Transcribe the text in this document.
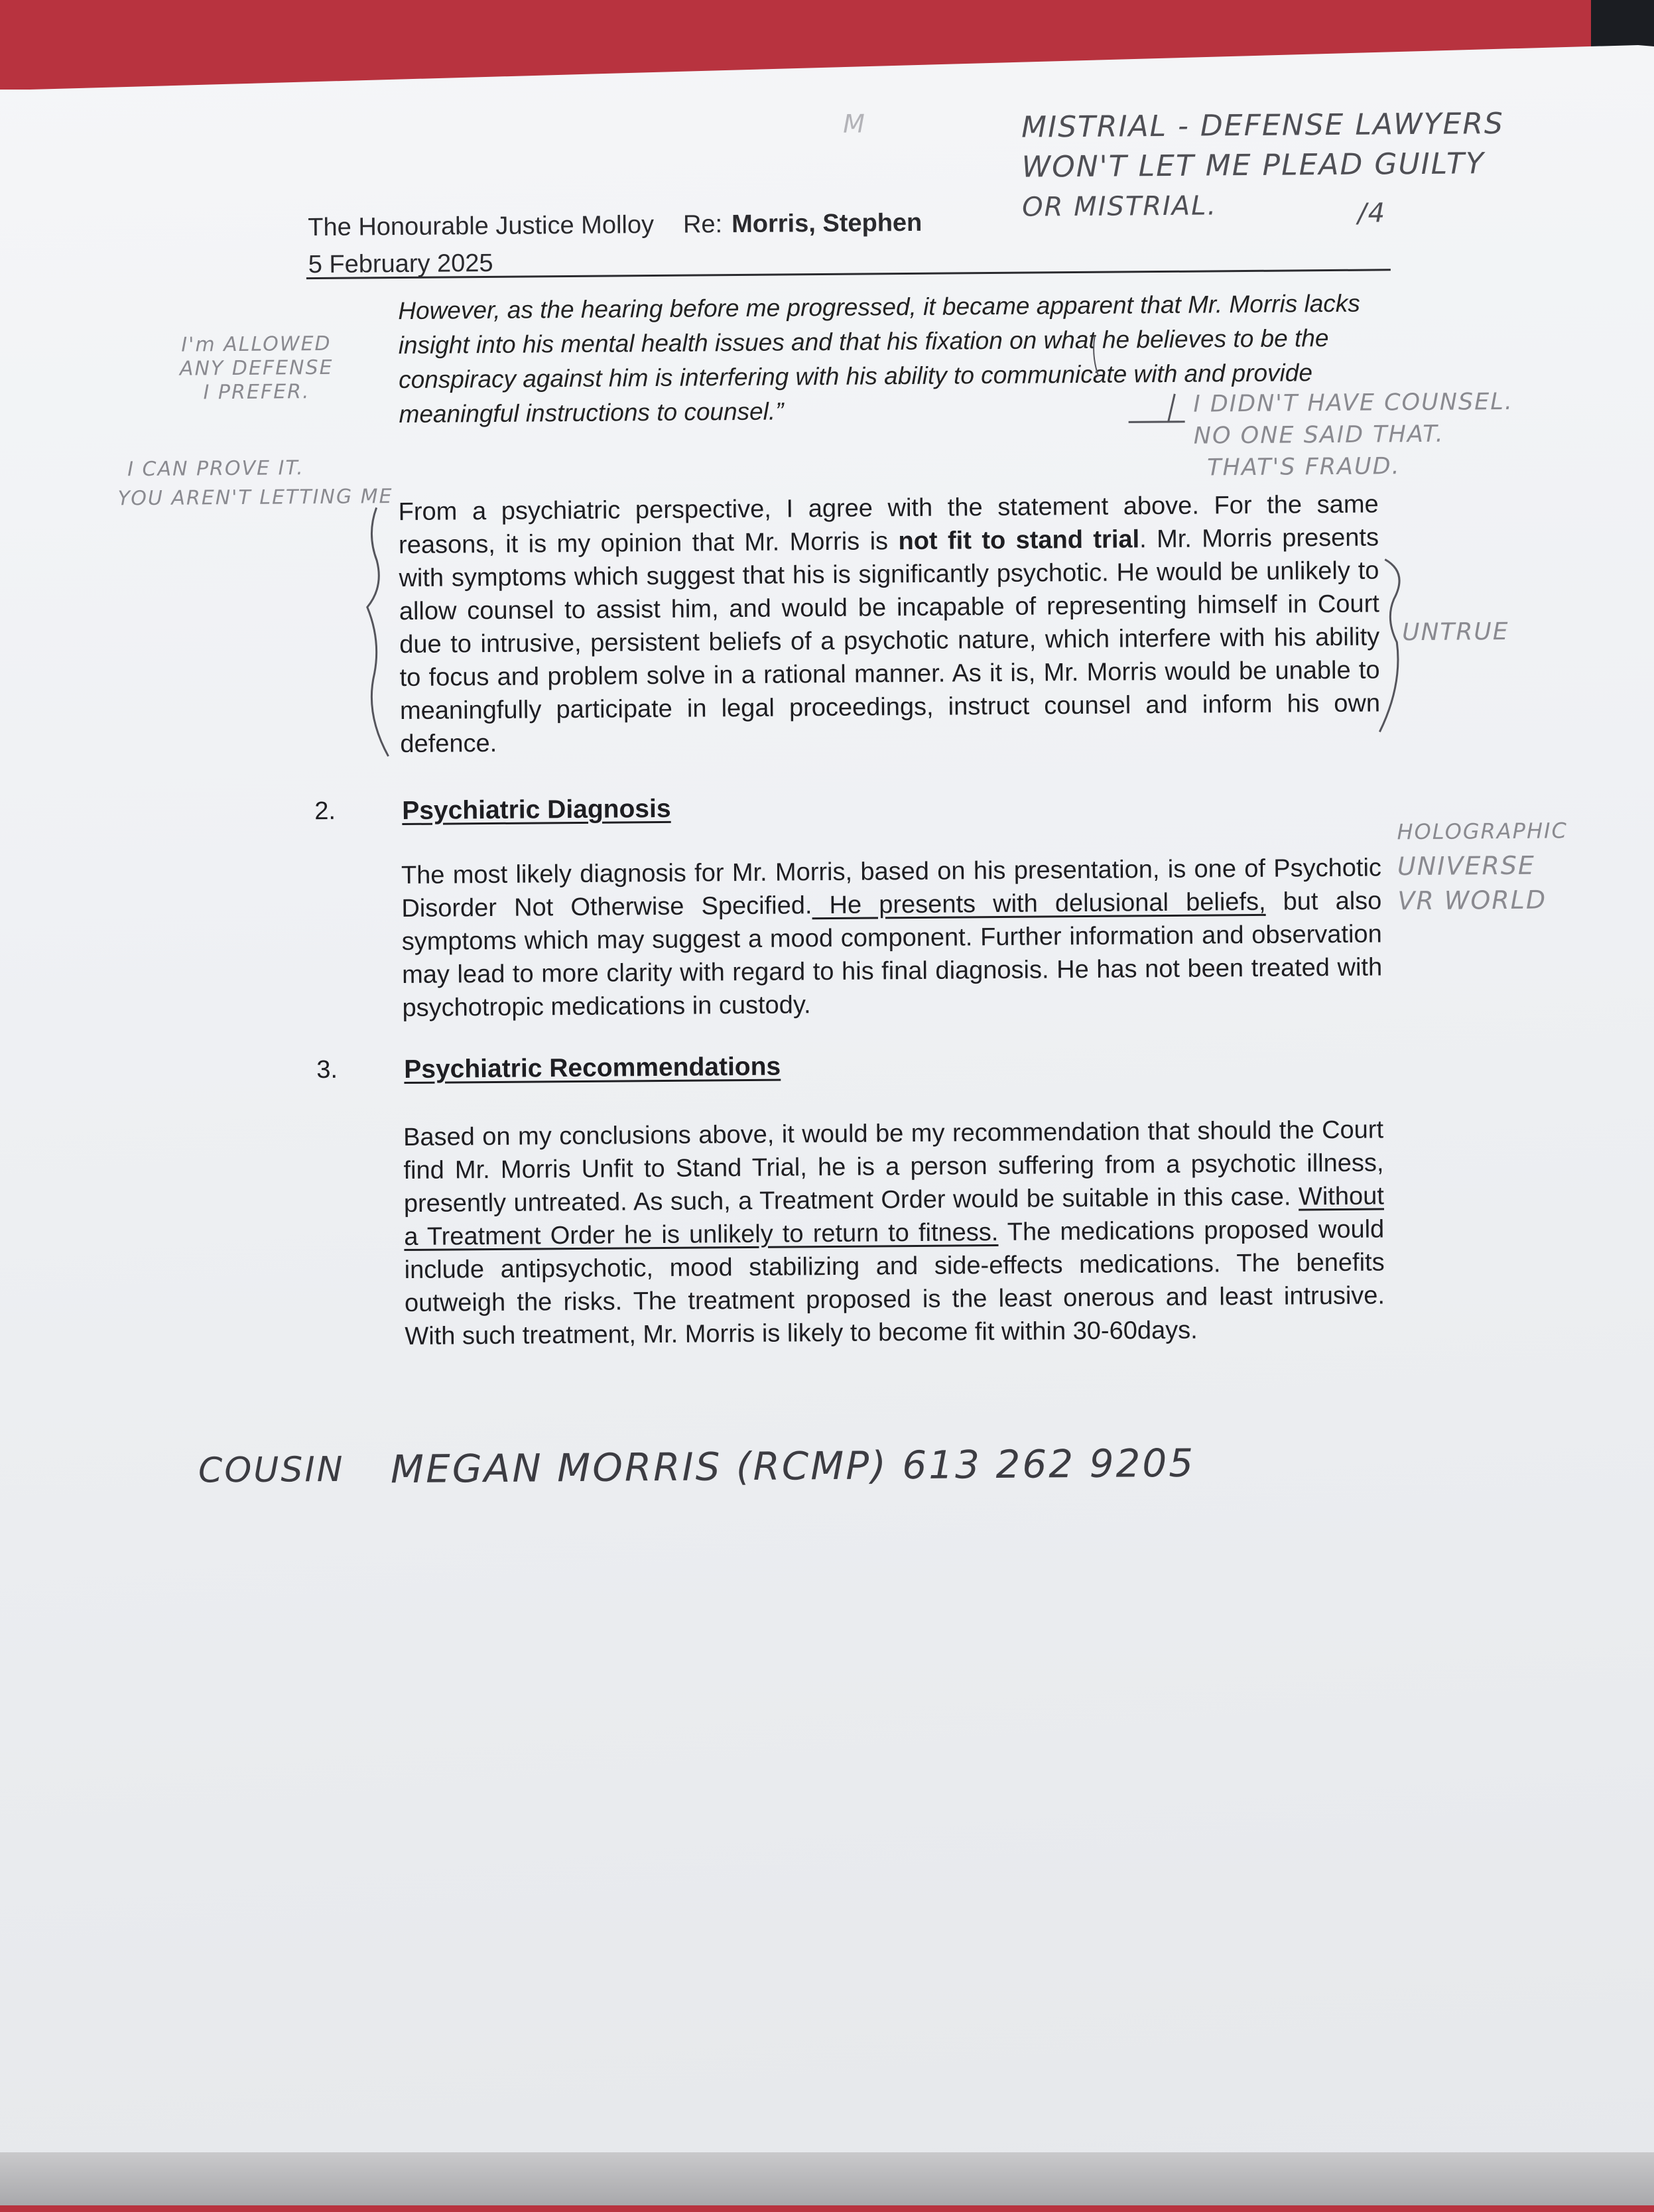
The Honourable Justice Molloy Re: Morris, Stephen
5 February 2025
/4
However, as the hearing before me progressed, it became apparent that Mr. Morris lacks insight into his mental health issues and that his fixation on what he believes to be the conspiracy against him is interfering with his ability to communicate with and provide meaningful instructions to counsel.”
From a psychiatric perspective, I agree with the statement above. For the same reasons, it is my opinion that Mr. Morris is not fit to stand trial. Mr. Morris presents with symptoms which suggest that his is significantly psychotic. He would be unlikely to allow counsel to assist him, and would be incapable of representing himself in Court due to intrusive, persistent beliefs of a psychotic nature, which interfere with his ability to focus and problem solve in a rational manner. As it is, Mr. Morris would be unable to meaningfully participate in legal proceedings, instruct counsel and inform his own defence.
2.	Psychiatric Diagnosis
The most likely diagnosis for Mr. Morris, based on his presentation, is one of Psychotic Disorder Not Otherwise Specified. He presents with delusional beliefs, but also symptoms which may suggest a mood component. Further information and observation may lead to more clarity with regard to his final diagnosis. He has not been treated with psychotropic medications in custody.
3.	Psychiatric Recommendations
Based on my conclusions above, it would be my recommendation that should the Court find Mr. Morris Unfit to Stand Trial, he is a person suffering from a psychotic illness, presently untreated. As such, a Treatment Order would be suitable in this case. Without a Treatment Order he is unlikely to return to fitness. The medications proposed would include antipsychotic, mood stabilizing and side-effects medications. The benefits outweigh the risks. The treatment proposed is the least onerous and least intrusive. With such treatment, Mr. Morris is likely to become fit within 30-60days.
M	MISTRIAL - DEFENSE LAWYERS
WON'T LET ME PLEAD GUILTY
OR MISTRIAL.
I'm ALLOWED
ANY DEFENSE
I PREFER.
I CAN PROVE IT.
YOU AREN'T LETTING ME
I DIDN'T HAVE COUNSEL.
NO ONE SAID THAT.
THAT'S FRAUD.
UNTRUE
HOLOGRAPHIC
UNIVERSE
VR WORLD
COUSIN MEGAN MORRIS (RCMP) 613 262 9205
